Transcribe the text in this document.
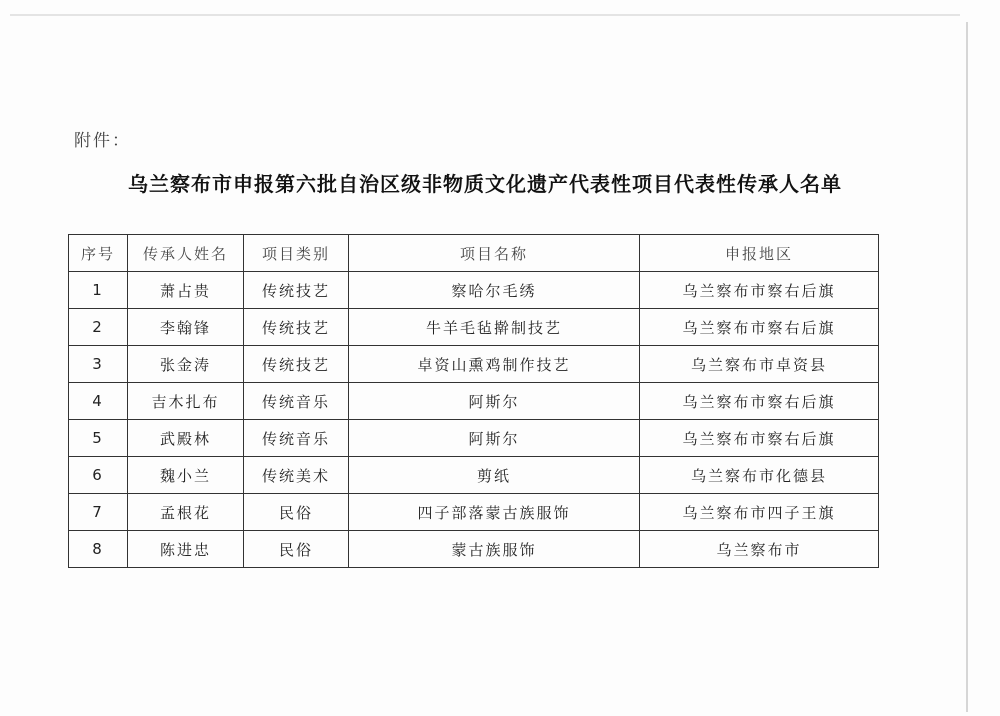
附件：
乌兰察布市申报第六批自治区级非物质文化遗产代表性项目代表性传承人名单
序号	传承人姓名	项目类别	项目名称	申报地区
1	萧占贵	传统技艺	察哈尔毛绣	乌兰察布市察右后旗
2	李翰锋	传统技艺	牛羊毛毡擀制技艺	乌兰察布市察右后旗
3	张金涛	传统技艺	卓资山熏鸡制作技艺	乌兰察布市卓资县
4	吉木扎布	传统音乐	阿斯尔	乌兰察布市察右后旗
5	武殿林	传统音乐	阿斯尔	乌兰察布市察右后旗
6	魏小兰	传统美术	剪纸	乌兰察布市化德县
7	孟根花	民俗	四子部落蒙古族服饰	乌兰察布市四子王旗
8	陈进忠	民俗	蒙古族服饰	乌兰察布市
